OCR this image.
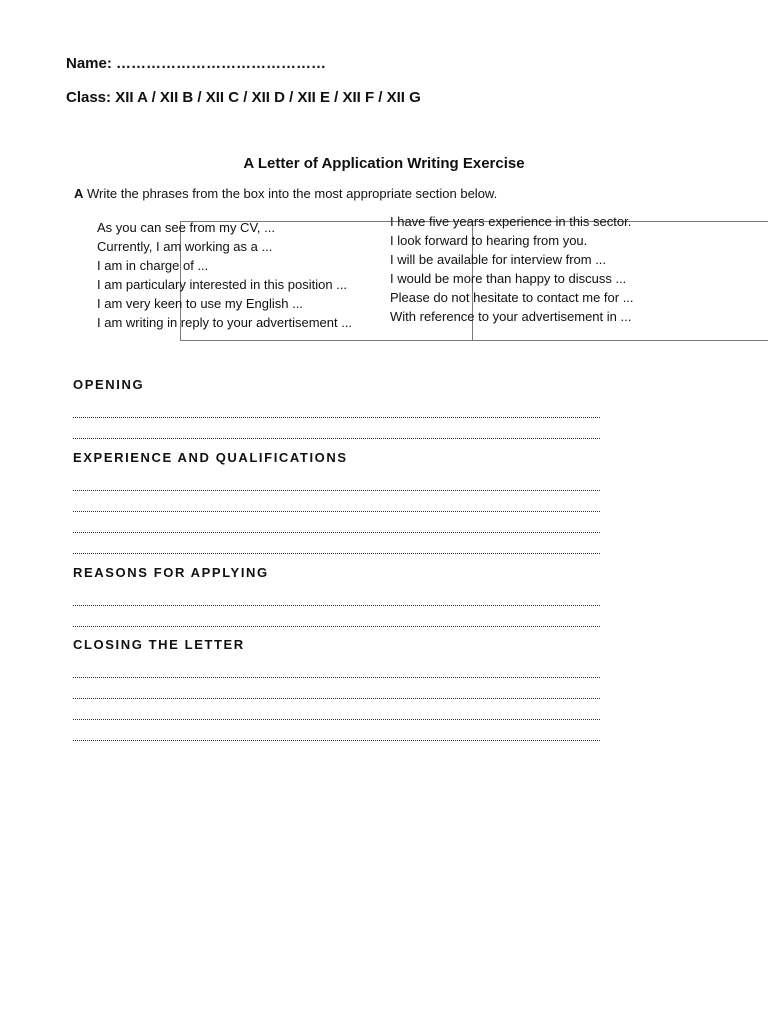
Name: ……………………………………
Class: XII A / XII B / XII C / XII D / XII E / XII F / XII G
A Letter of Application Writing Exercise
A Write the phrases from the box into the most appropriate section below.
As you can see from my CV, ...
Currently, I am working as a ...
I am in charge of ...
I am particulary interested in this position ...
I am very keen to use my English ...
I am writing in reply to your advertisement ...
I have five years experience in this sector.
I look forward to hearing from you.
I will be available for interview from ...
I would be more than happy to discuss ...
Please do not hesitate to contact me for ...
With reference to your advertisement in ...
OPENING
EXPERIENCE AND QUALIFICATIONS
REASONS FOR APPLYING
CLOSING THE LETTER
